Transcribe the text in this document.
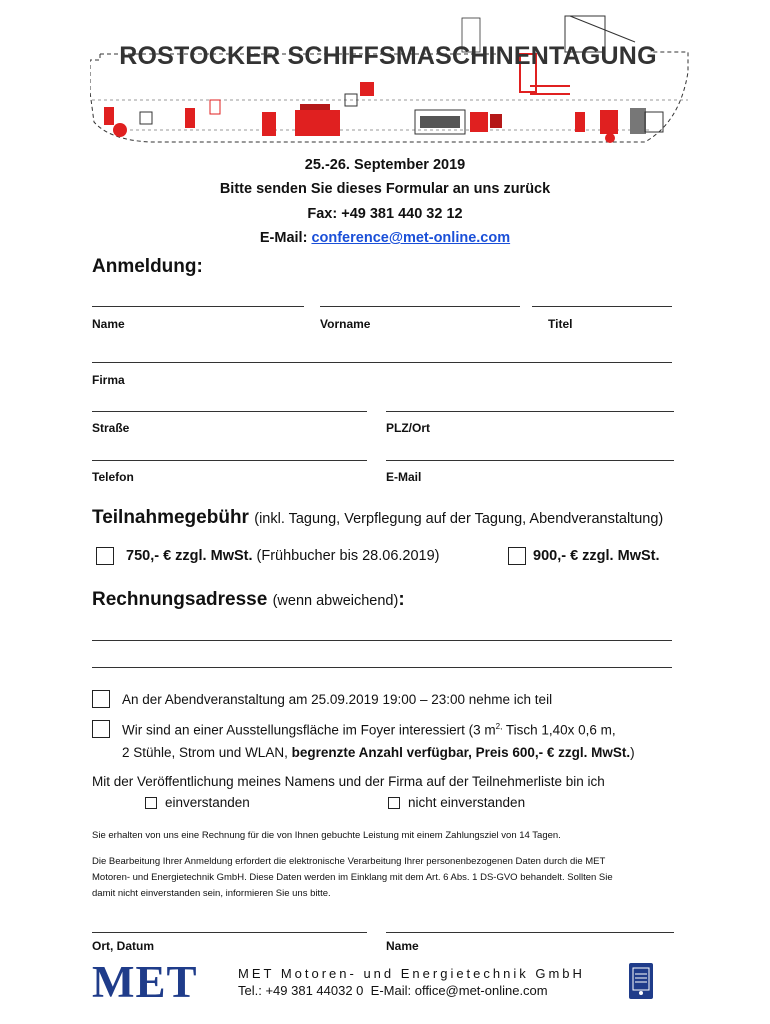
ROSTOCKER SCHIFFSMASCHINENTAGUNG
25.-26. September 2019
Bitte senden Sie dieses Formular an uns zurück
Fax: +49 381 440 32 12
E-Mail: conference@met-online.com
Anmeldung:
Name	Vorname	Titel
Firma
Straße	PLZ/Ort
Telefon	E-Mail
Teilnahmegebühr (inkl. Tagung, Verpflegung auf der Tagung, Abendveranstaltung)
750,- € zzgl. MwSt. (Frühbucher bis 28.06.2019)	900,- € zzgl. MwSt.
Rechnungsadresse (wenn abweichend):
An der Abendveranstaltung am 25.09.2019 19:00 – 23:00 nehme ich teil
Wir sind an einer Ausstellungsfläche im Foyer interessiert (3 $m^{2,}$ Tisch 1,40x 0,6 m,
2 Stühle, Strom und WLAN, begrenzte Anzahl verfügbar, Preis 600,- € zzgl. MwSt.)
Mit der Veröffentlichung meines Namens und der Firma auf der Teilnehmerliste bin ich
einverstanden	nicht einverstanden
Sie erhalten von uns eine Rechnung für die von Ihnen gebuchte Leistung mit einem Zahlungsziel von 14 Tagen.
Die Bearbeitung Ihrer Anmeldung erfordert die elektronische Verarbeitung Ihrer personenbezogenen Daten durch die MET
Motoren- und Energietechnik GmbH. Diese Daten werden im Einklang mit dem Art. 6 Abs. 1 DS-GVO behandelt. Sollten Sie
damit nicht einverstanden sein, informieren Sie uns bitte.
Ort, Datum	Name
MET	MET Motoren- und Energietechnik GmbH
Tel.: +49 381 44032 0 E-Mail: office@met-online.com
